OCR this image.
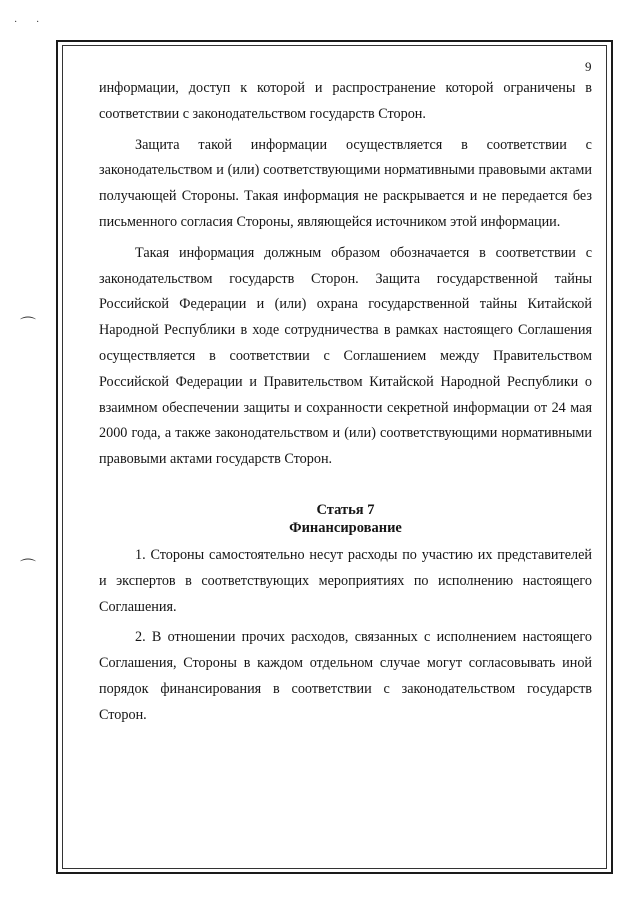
· ·
⌒
⌒
9

информации, доступ к которой и распространение которой ограничены в соответствии с законодательством государств Сторон.

Защита такой информации осуществляется в соответствии с законодательством и (или) соответствующими нормативными правовыми актами получающей Стороны. Такая информация не раскрывается и не передается без письменного согласия Стороны, являющейся источником этой информации.

Такая информация должным образом обозначается в соответствии с законодательством государств Сторон. Защита государственной тайны Российской Федерации и (или) охрана государственной тайны Китайской Народной Республики в ходе сотрудничества в рамках настоящего Соглашения осуществляется в соответствии с Соглашением между Правительством Российской Федерации и Правительством Китайской Народной Республики о взаимном обеспечении защиты и сохранности секретной информации от 24 мая 2000 года, а также законодательством и (или) соответствующими нормативными правовыми актами государств Сторон.

Статья 7
Финансирование

1. Стороны самостоятельно несут расходы по участию их представителей и экспертов в соответствующих мероприятиях по исполнению настоящего Соглашения.

2. В отношении прочих расходов, связанных с исполнением настоящего Соглашения, Стороны в каждом отдельном случае могут согласовывать иной порядок финансирования в соответствии с законодательством государств Сторон.
